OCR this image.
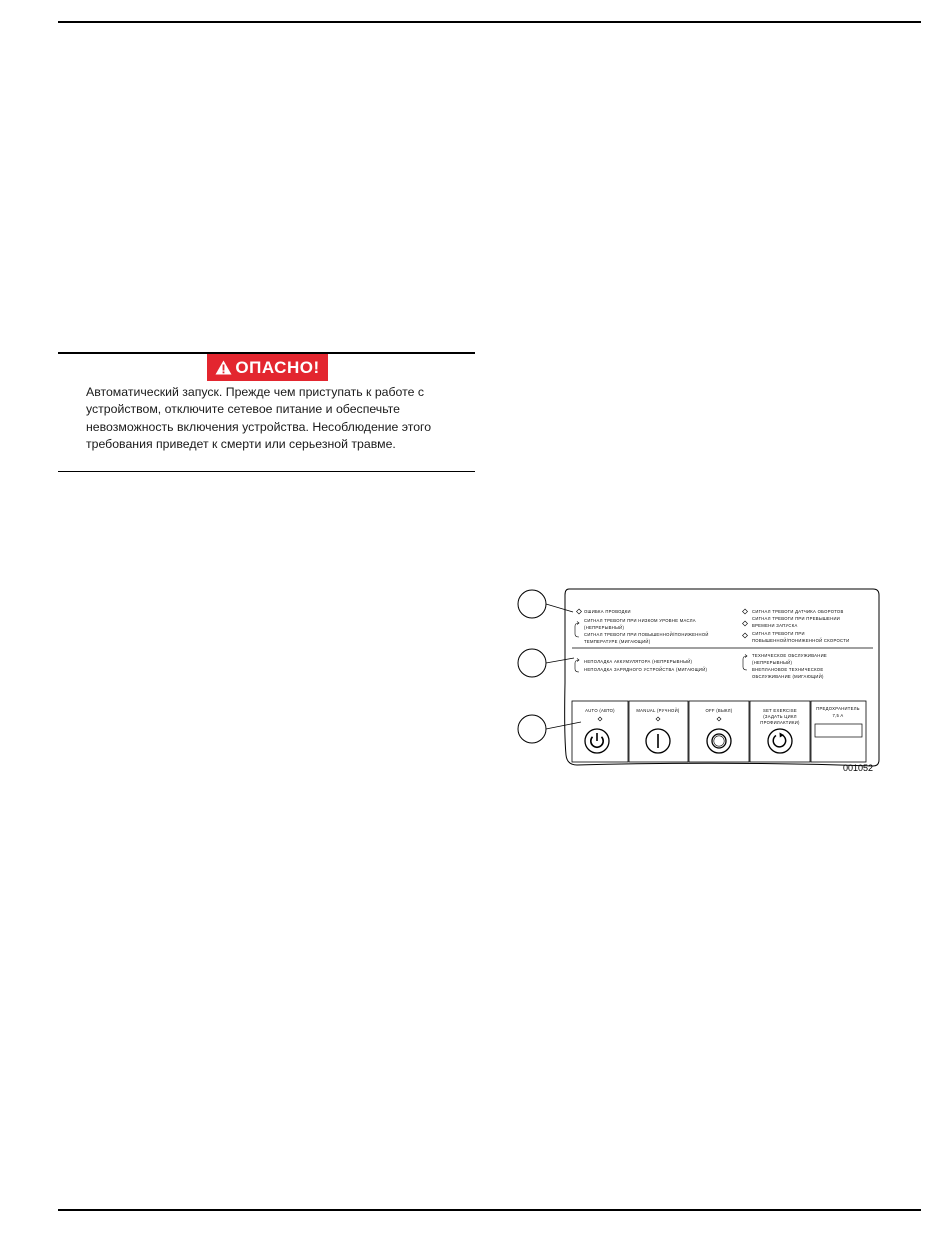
ОПАСНО!
Автоматический запуск. Прежде чем приступать к работе с
устройством, отключите сетевое питание и обеспечьте
невозможность включения устройства. Несоблюдение этого
требования приведет к смерти или серьезной травме.
ОШИБКА ПРОВОДКИ
СИГНАЛ ТРЕВОГИ ПРИ НИЗКОМ УРОВНЕ МАСЛА
(НЕПРЕРЫВНЫЙ)
СИГНАЛ ТРЕВОГИ ПРИ ПОВЫШЕННОЙ/ПОНИЖЕННОЙ
ТЕМПЕРАТУРЕ (МИГАЮЩИЙ)
СИГНАЛ ТРЕВОГИ ДАТЧИКА ОБОРОТОВ
СИГНАЛ ТРЕВОГИ ПРИ ПРЕВЫШЕНИИ
ВРЕМЕНИ ЗАПУСКА
СИГНАЛ ТРЕВОГИ ПРИ
ПОВЫШЕННОЙ/ПОНИЖЕННОЙ СКОРОСТИ
НЕПОЛАДКА АККУМУЛЯТОРА (НЕПРЕРЫВНЫЙ)
НЕПОЛАДКА ЗАРЯДНОГО УСТРОЙСТВА (МИГАЮЩИЙ)
ТЕХНИЧЕСКОЕ ОБСЛУЖИВАНИЕ
(НЕПРЕРЫВНЫЙ)
ВНЕПЛАНОВОЕ ТЕХНИЧЕСКОЕ
ОБСЛУЖИВАНИЕ (МИГАЮЩИЙ)
AUTO (АВТО)	MANUAL (РУЧНОЙ)	OFF (ВЫКЛ)	SET EXERCISE
(ЗАДАТЬ ЦИКЛ
ПРОФИЛАКТИКИ)
ПРЕДОХРАНИТЕЛЬ
7,5 A
001052
